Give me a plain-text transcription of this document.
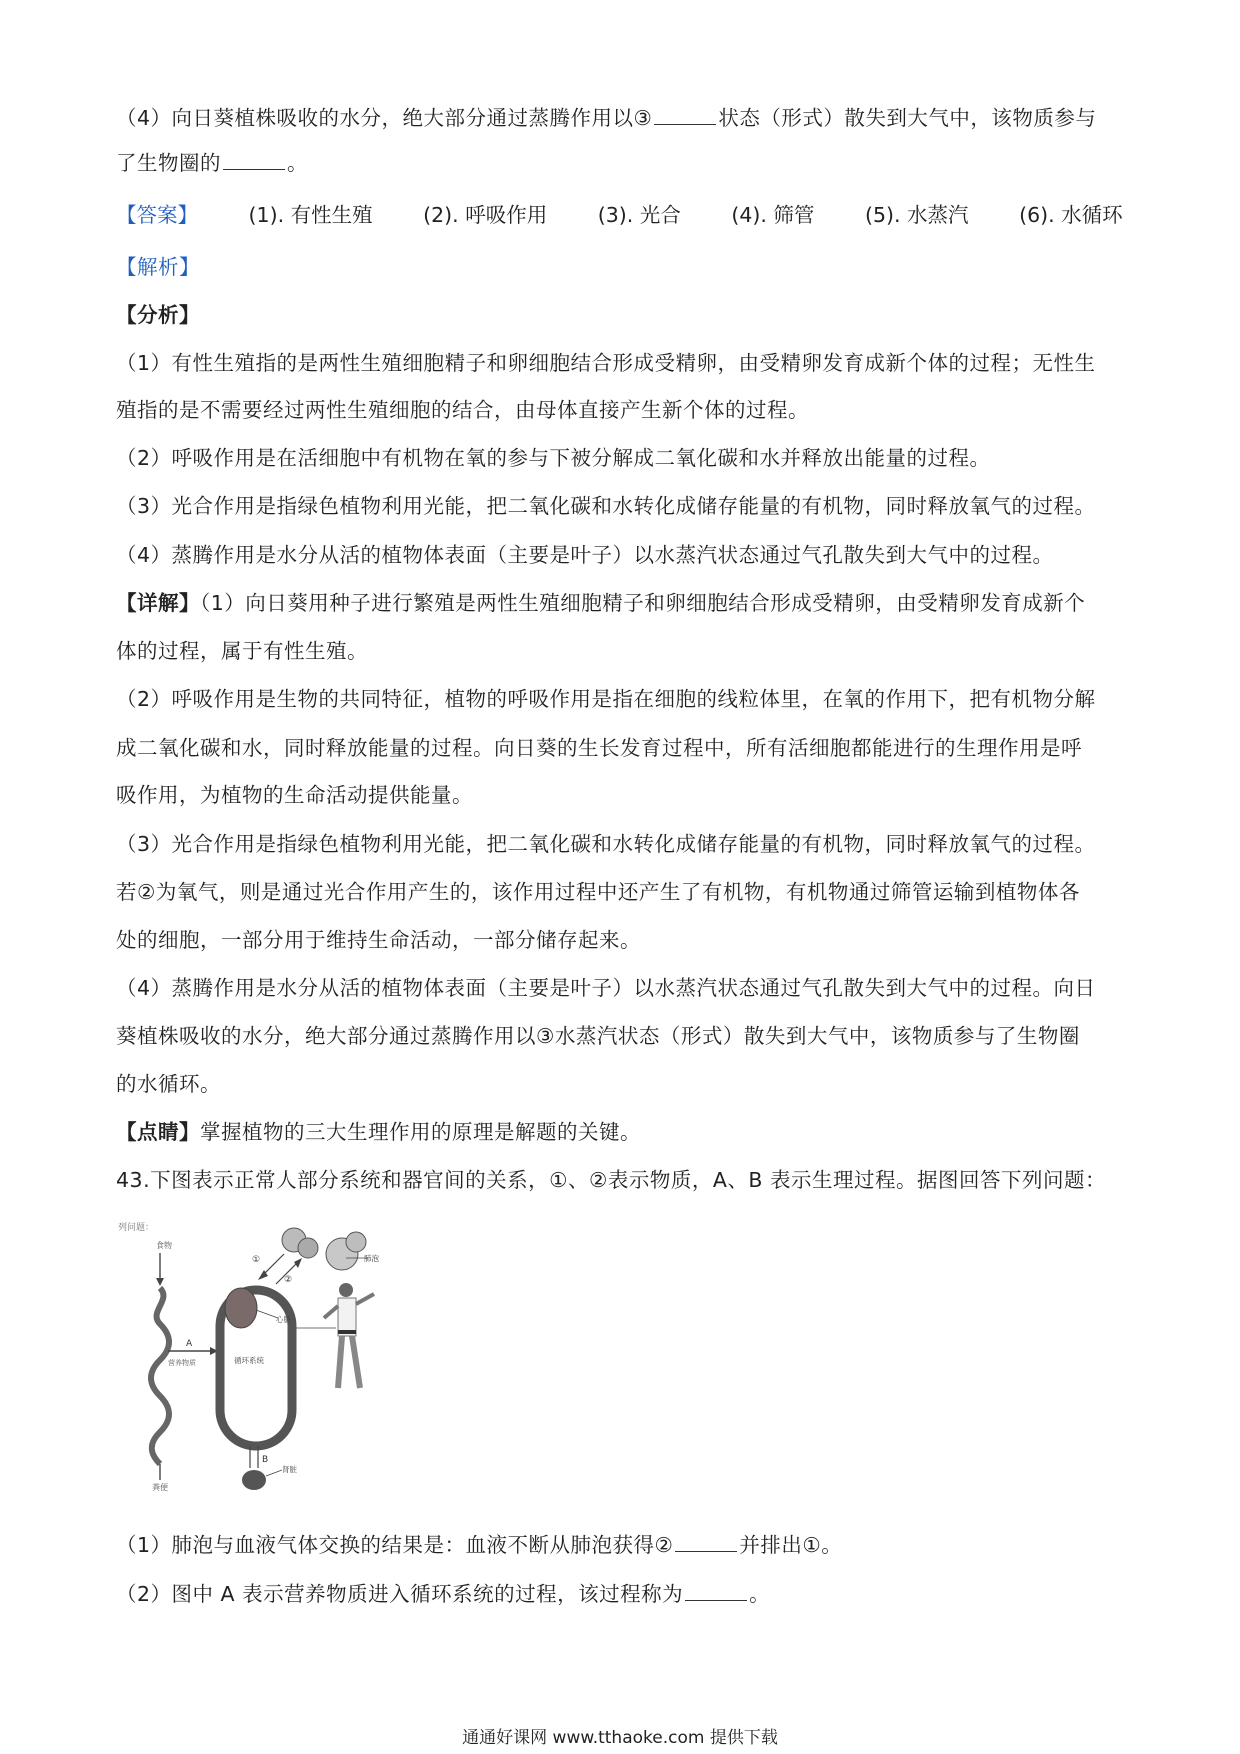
（4）向日葵植株吸收的水分，绝大部分通过蒸腾作用以③	状态（形式）散失到大气中，该物质参与
了生物圈的	。
【答案】 (1). 有性生殖 (2). 呼吸作用 (3). 光合 (4). 筛管 (5). 水蒸汽 (6). 水循环
【解析】
【分析】
（1）有性生殖指的是两性生殖细胞精子和卵细胞结合形成受精卵，由受精卵发育成新个体的过程；无性生
殖指的是不需要经过两性生殖细胞的结合，由母体直接产生新个体的过程。
（2）呼吸作用是在活细胞中有机物在氧的参与下被分解成二氧化碳和水并释放出能量的过程。
（3）光合作用是指绿色植物利用光能，把二氧化碳和水转化成储存能量的有机物，同时释放氧气的过程。
（4）蒸腾作用是水分从活的植物体表面（主要是叶子）以水蒸汽状态通过气孔散失到大气中的过程。
【详解】（1）向日葵用种子进行繁殖是两性生殖细胞精子和卵细胞结合形成受精卵，由受精卵发育成新个
体的过程，属于有性生殖。
（2）呼吸作用是生物的共同特征，植物的呼吸作用是指在细胞的线粒体里，在氧的作用下，把有机物分解
成二氧化碳和水，同时释放能量的过程。向日葵的生长发育过程中，所有活细胞都能进行的生理作用是呼
吸作用，为植物的生命活动提供能量。
（3）光合作用是指绿色植物利用光能，把二氧化碳和水转化成储存能量的有机物，同时释放氧气的过程。
若②为氧气，则是通过光合作用产生的，该作用过程中还产生了有机物，有机物通过筛管运输到植物体各
处的细胞，一部分用于维持生命活动，一部分储存起来。
（4）蒸腾作用是水分从活的植物体表面（主要是叶子）以水蒸汽状态通过气孔散失到大气中的过程。向日
葵植株吸收的水分，绝大部分通过蒸腾作用以③水蒸汽状态（形式）散失到大气中，该物质参与了生物圈
的水循环。
【点睛】掌握植物的三大生理作用的原理是解题的关键。
43.下图表示正常人部分系统和器官间的关系，①、②表示物质，A、B 表示生理过程。据图回答下列问题：
列问题：
食物
粪便
A
营养物质	循环系统
心脏
肺泡
①
②
B
肾脏
（1）肺泡与血液气体交换的结果是：血液不断从肺泡获得②	并排出①。
（2）图中 A 表示营养物质进入循环系统的过程，该过程称为	。
通通好课网 www.tthaoke.com 提供下载
